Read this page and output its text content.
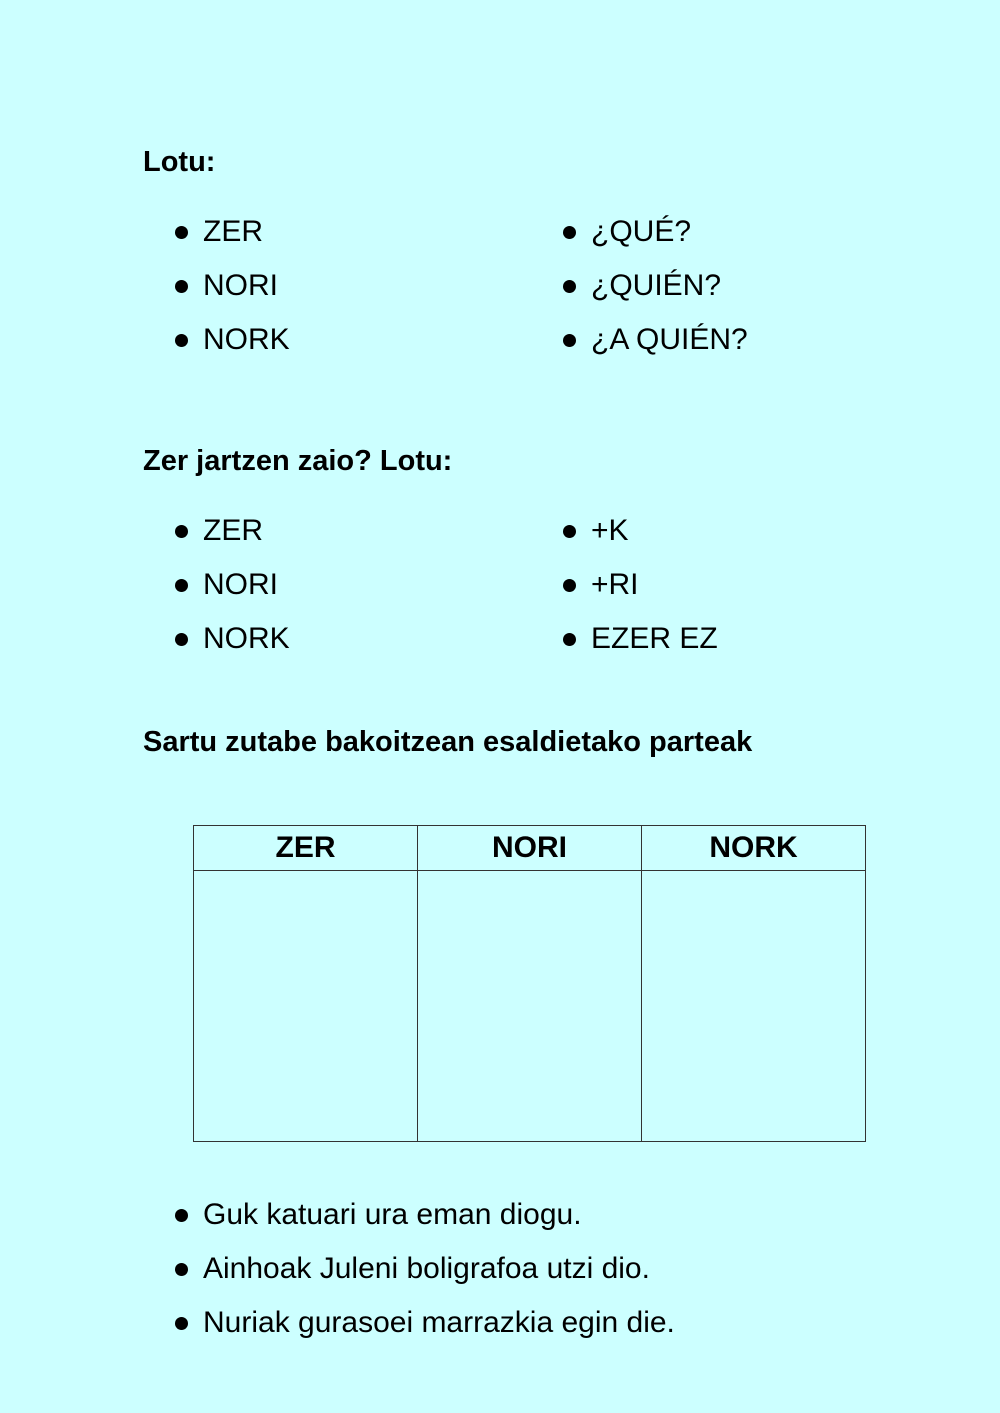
Lotu:
ZER	¿QUÉ?
NORI	¿QUIÉN?
NORK	¿A QUIÉN?
Zer jartzen zaio? Lotu:
ZER	+K
NORI	+RI
NORK	EZER EZ
Sartu zutabe bakoitzean esaldietako parteak
ZER	NORI	NORK

Guk katuari ura eman diogu.
Ainhoak Juleni boligrafoa utzi dio.
Nuriak gurasoei marrazkia egin die.
